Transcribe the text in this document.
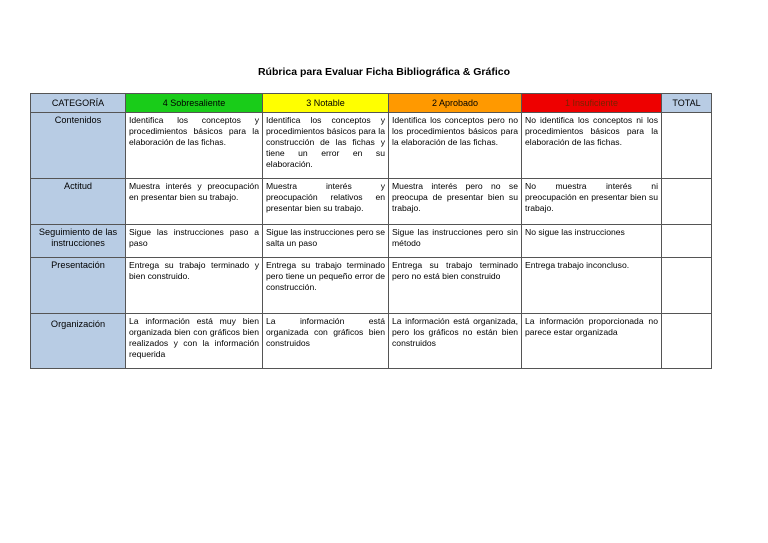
Rúbrica para Evaluar Ficha Bibliográfica & Gráfico
CATEGORÍA	4 Sobresaliente	3 Notable	2 Aprobado	1 Insuficiente	TOTAL
Contenidos	Identifica los conceptos y procedimientos básicos para la elaboración de las fichas.	Identifica los conceptos y procedimientos básicos para la construcción de las fichas y tiene un error en su elaboración.	Identifica los conceptos pero no los procedimientos básicos para la elaboración de las fichas.	No identifica los conceptos ni los procedimientos básicos para la elaboración de las fichas.	
Actitud	Muestra interés y preocupación en presentar bien su trabajo.	Muestra interés y preocupación relativos en presentar bien su trabajo.	Muestra interés pero no se preocupa de presentar bien su trabajo.	No muestra interés ni preocupación en presentar bien su trabajo.	
Seguimiento de las instrucciones	Sigue las instrucciones paso a paso	Sigue las instrucciones pero se salta un paso	Sigue las instrucciones pero sin método	No sigue las instrucciones	
Presentación	Entrega su trabajo terminado y bien construido.	Entrega su trabajo terminado pero tiene un pequeño error de construcción.	Entrega su trabajo terminado pero no está bien construido	Entrega trabajo inconcluso.	
Organización	La información está muy bien organizada bien con gráficos bien realizados y con la información requerida	La información está organizada con gráficos bien construidos	La información está organizada, pero los gráficos no están bien construidos	La información proporcionada no parece estar organizada	
